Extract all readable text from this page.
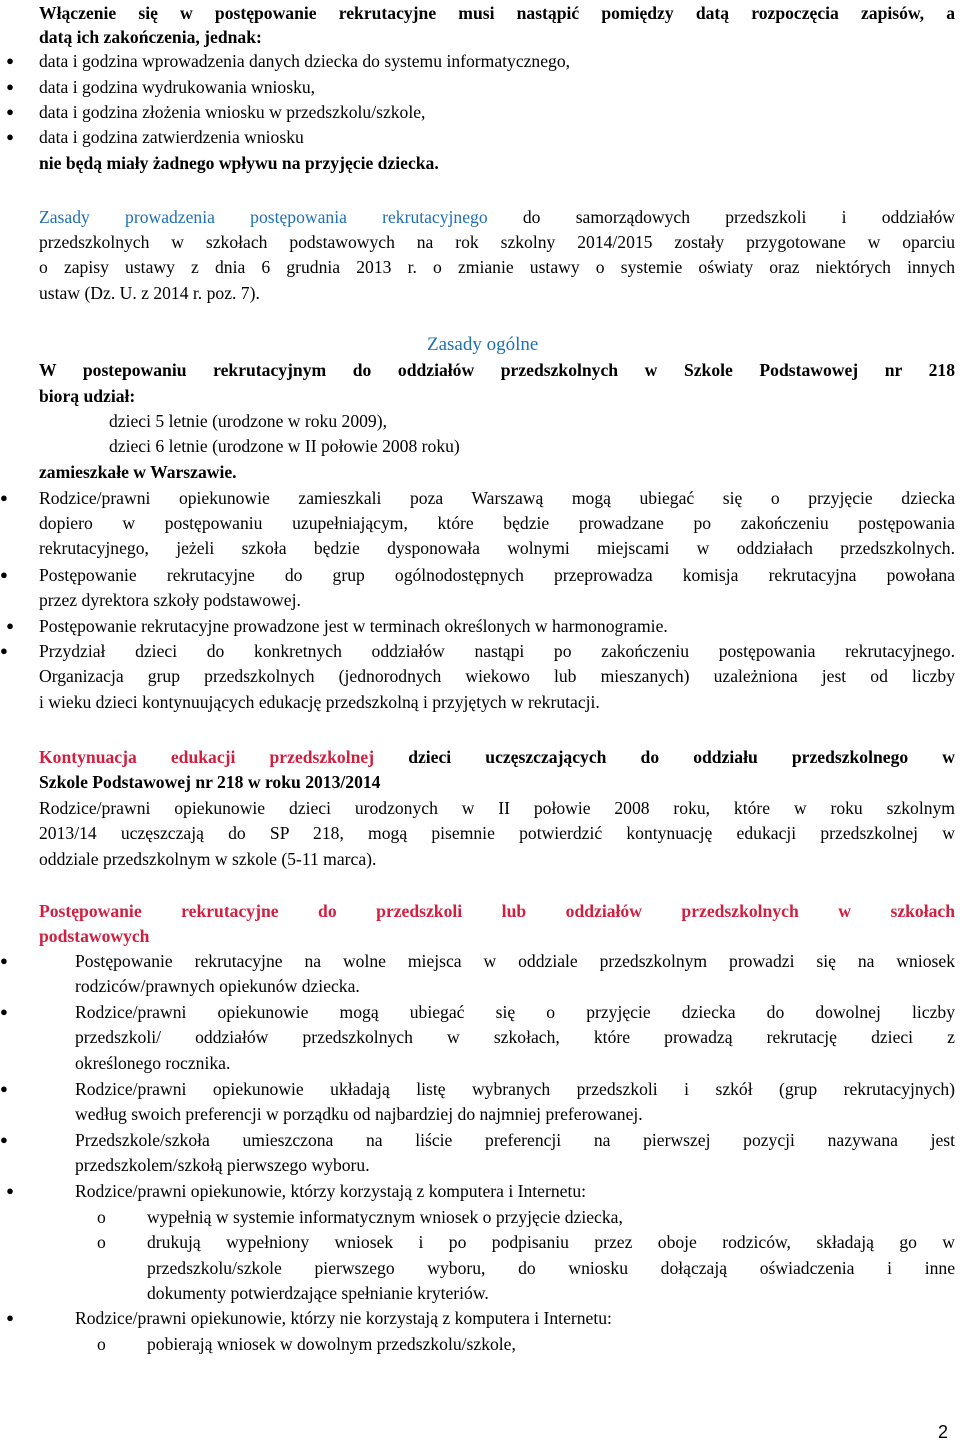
Włączenie się w postępowanie rekrutacyjne musi nastąpić pomiędzy datą rozpoczęcia zapisów, a
datą ich zakończenia, jednak:
●	data i godzina wprowadzenia danych dziecka do systemu informatycznego,
●	data i godzina wydrukowania wniosku,
●	data i godzina złożenia wniosku w przedszkolu/szkole,
●	data i godzina zatwierdzenia wniosku
nie będą miały żadnego wpływu na przyjęcie dziecka.
Zasady prowadzenia postępowania rekrutacyjnego do samorządowych przedszkoli i oddziałów
przedszkolnych w szkołach podstawowych na rok szkolny 2014/2015 zostały przygotowane w oparciu
o zapisy ustawy z dnia 6 grudnia 2013 r. o zmianie ustawy o systemie oświaty oraz niektórych innych
ustaw (Dz. U. z 2014 r. poz. 7).
Zasady ogólne
W postepowaniu rekrutacyjnym do oddziałów przedszkolnych w Szkole Podstawowej nr 218
biorą udział:
dzieci 5 letnie (urodzone w roku 2009),
dzieci 6 letnie (urodzone w II połowie 2008 roku)
zamieszkałe w Warszawie.
●	Rodzice/prawni opiekunowie zamieszkali poza Warszawą mogą ubiegać się o przyjęcie dziecka
dopiero w postępowaniu uzupełniającym, które będzie prowadzane po zakończeniu postępowania
rekrutacyjnego, jeżeli szkoła będzie dysponowała wolnymi miejscami w oddziałach przedszkolnych.
●	Postępowanie rekrutacyjne do grup ogólnodostępnych przeprowadza komisja rekrutacyjna powołana
przez dyrektora szkoły podstawowej.
●	Postępowanie rekrutacyjne prowadzone jest w terminach określonych w harmonogramie.
●	Przydział dzieci do konkretnych oddziałów nastąpi po zakończeniu postępowania rekrutacyjnego.
Organizacja grup przedszkolnych (jednorodnych wiekowo lub mieszanych) uzależniona jest od liczby
i wieku dzieci kontynuujących edukację przedszkolną i przyjętych w rekrutacji.
Kontynuacja edukacji przedszkolnej dzieci uczęszczających do oddziału przedszkolnego w
Szkole Podstawowej nr 218 w roku 2013/2014
Rodzice/prawni opiekunowie dzieci urodzonych w II połowie 2008 roku, które w roku szkolnym
2013/14 uczęszczają do SP 218, mogą pisemnie potwierdzić kontynuację edukacji przedszkolnej w
oddziale przedszkolnym w szkole (5-11 marca).
Postępowanie rekrutacyjne do przedszkoli lub oddziałów przedszkolnych w szkołach
podstawowych
●	Postępowanie rekrutacyjne na wolne miejsca w oddziale przedszkolnym prowadzi się na wniosek
rodziców/prawnych opiekunów dziecka.
●	Rodzice/prawni opiekunowie mogą ubiegać się o przyjęcie dziecka do dowolnej liczby
przedszkoli/ oddziałów przedszkolnych w szkołach, które prowadzą rekrutację dzieci z
określonego rocznika.
●	Rodzice/prawni opiekunowie układają listę wybranych przedszkoli i szkół (grup rekrutacyjnych)
według swoich preferencji w porządku od najbardziej do najmniej preferowanej.
●	Przedszkole/szkoła umieszczona na liście preferencji na pierwszej pozycji nazywana jest
przedszkolem/szkołą pierwszego wyboru.
●	Rodzice/prawni opiekunowie, którzy korzystają z komputera i Internetu:
o wypełnią w systemie informatycznym wniosek o przyjęcie dziecka,
o drukują wypełniony wniosek i po podpisaniu przez oboje rodziców, składają go w
przedszkolu/szkole pierwszego wyboru, do wniosku dołączają oświadczenia i inne
dokumenty potwierdzające spełnianie kryteriów.
●	Rodzice/prawni opiekunowie, którzy nie korzystają z komputera i Internetu:
o pobierają wniosek w dowolnym przedszkolu/szkole,
2
